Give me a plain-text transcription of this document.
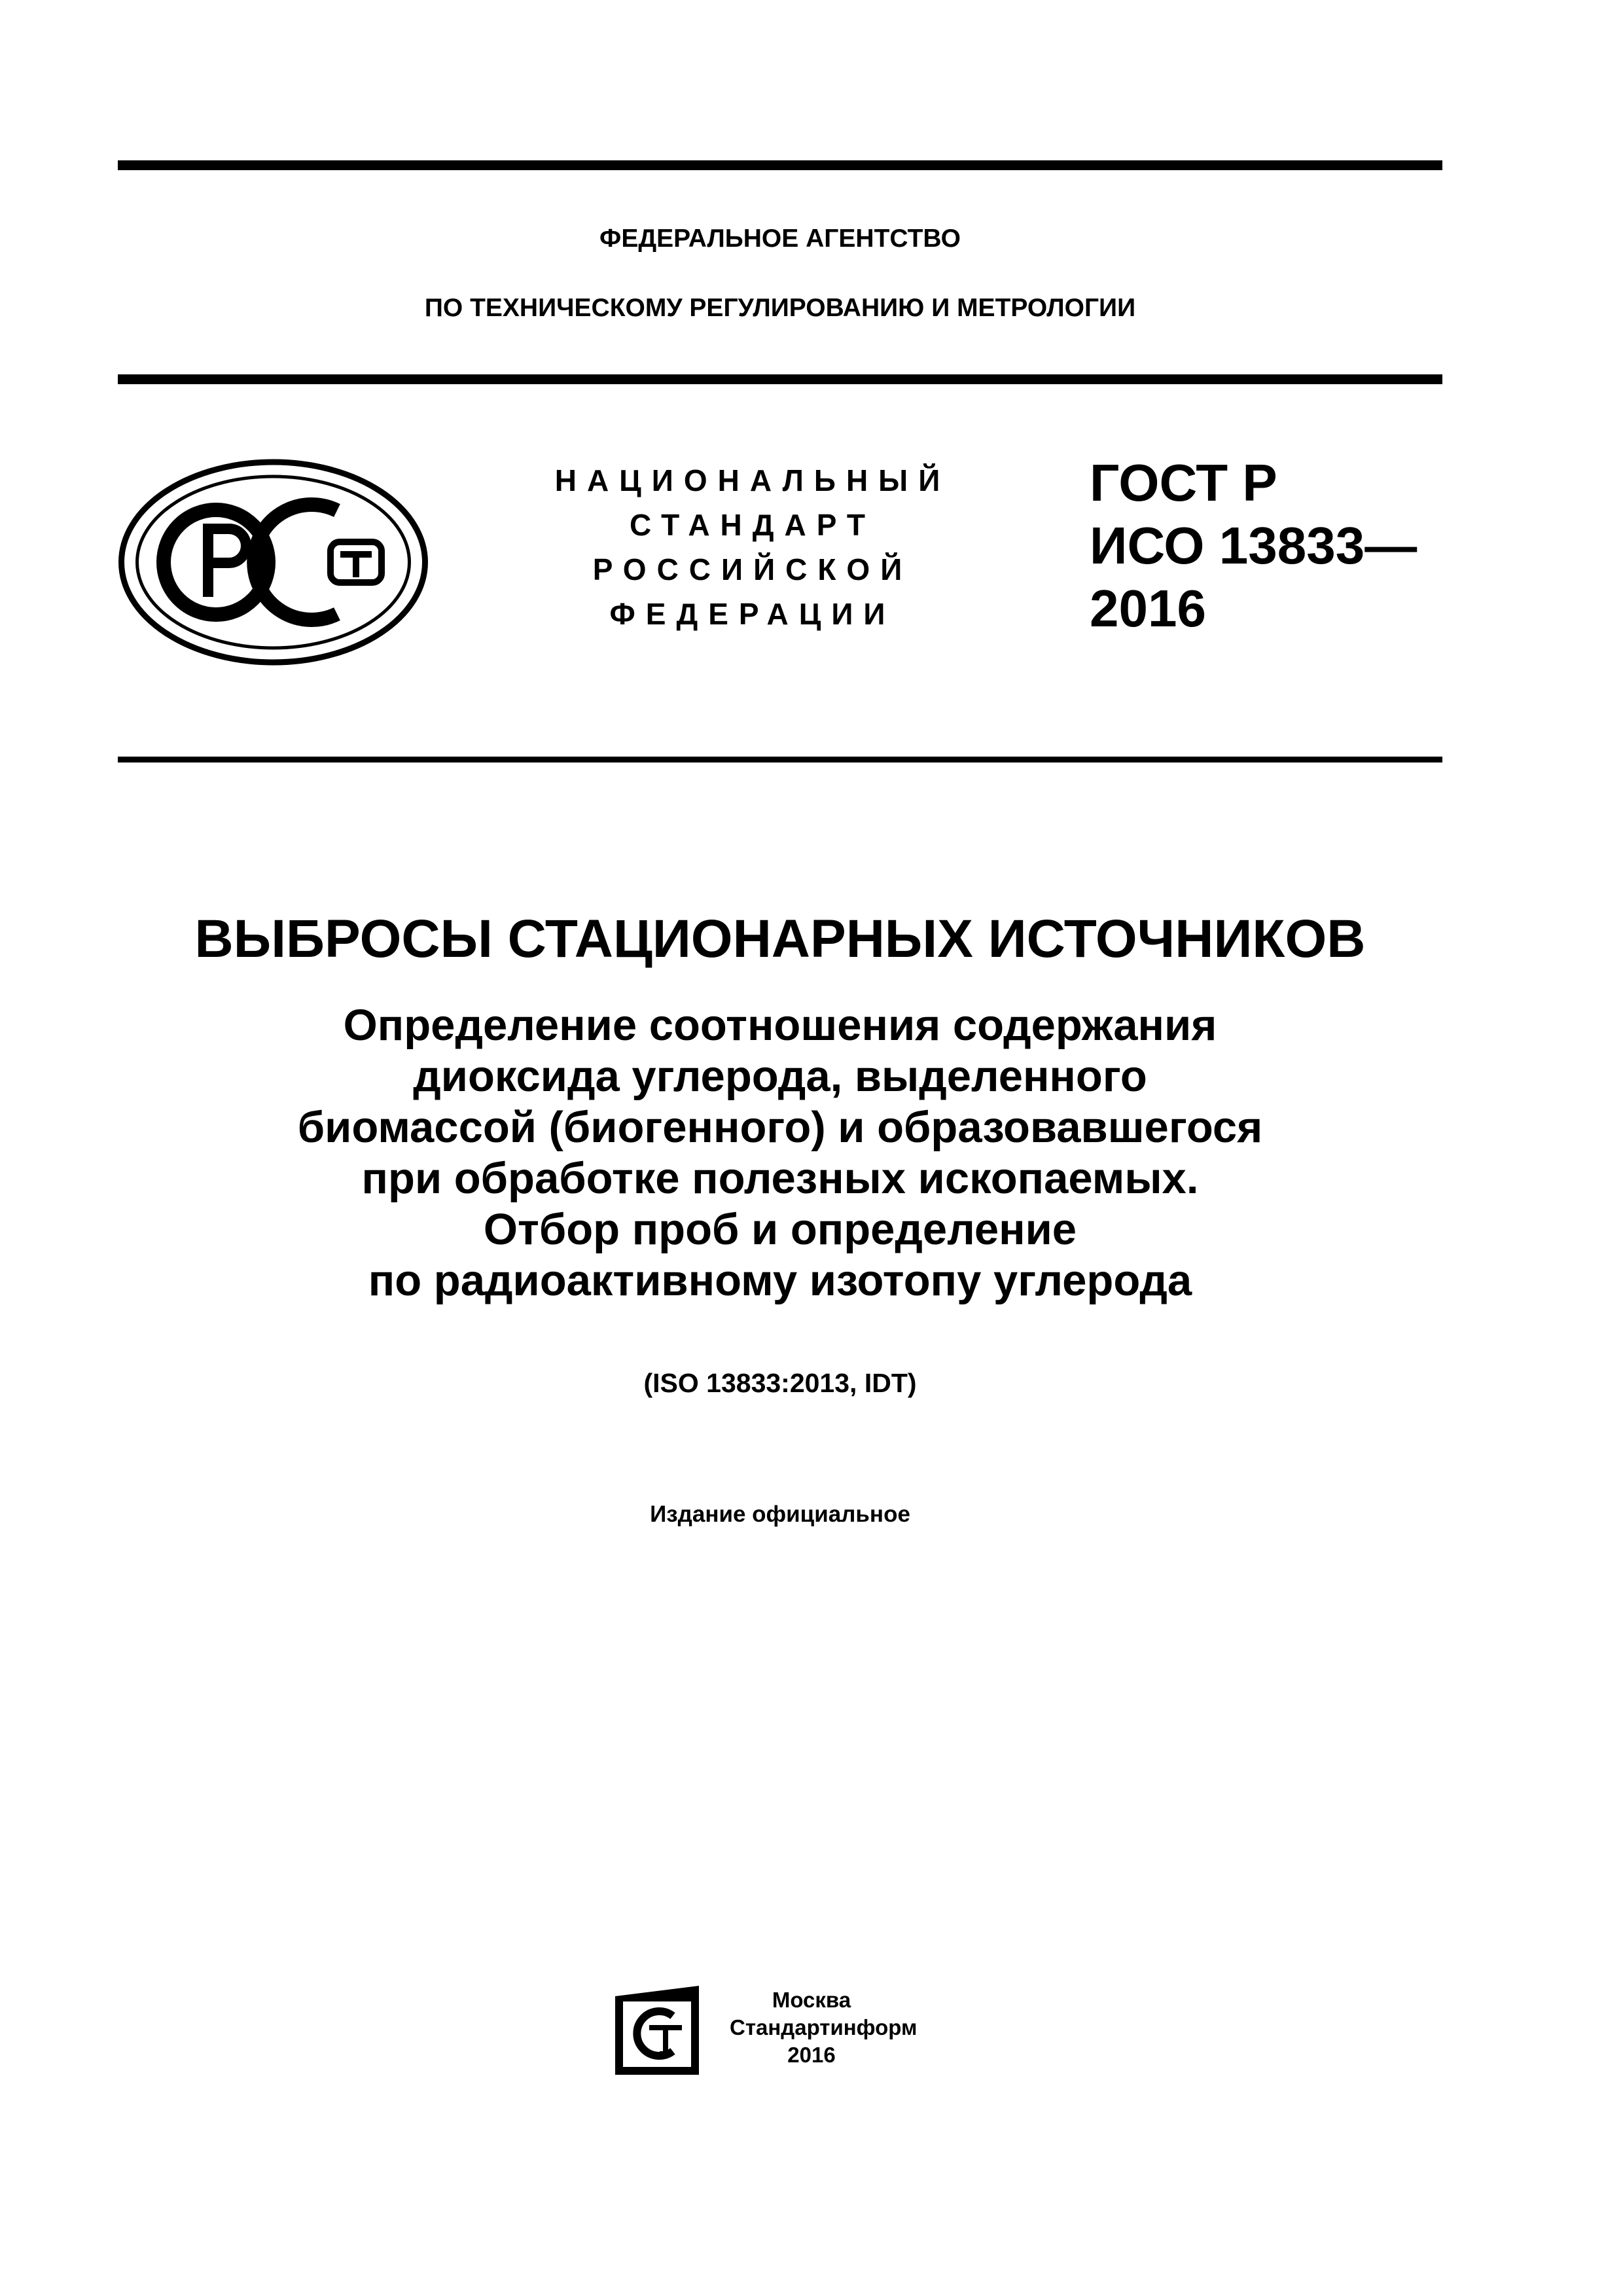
ФЕДЕРАЛЬНОЕ АГЕНТСТВО
ПО ТЕХНИЧЕСКОМУ РЕГУЛИРОВАНИЮ И МЕТРОЛОГИИ
НАЦИОНАЛЬНЫЙ
СТАНДАРТ
РОССИЙСКОЙ
ФЕДЕРАЦИИ
ГОСТ Р
ИСО 13833—
2016
ВЫБРОСЫ СТАЦИОНАРНЫХ ИСТОЧНИКОВ
Определение соотношения содержания
диоксида углерода, выделенного
биомассой (биогенного) и образовавшегося
при обработке полезных ископаемых.
Отбор проб и определение
по радиоактивному изотопу углерода
(ISO 13833:2013, IDT)
Издание официальное
Москва
Стандартинформ
2016
